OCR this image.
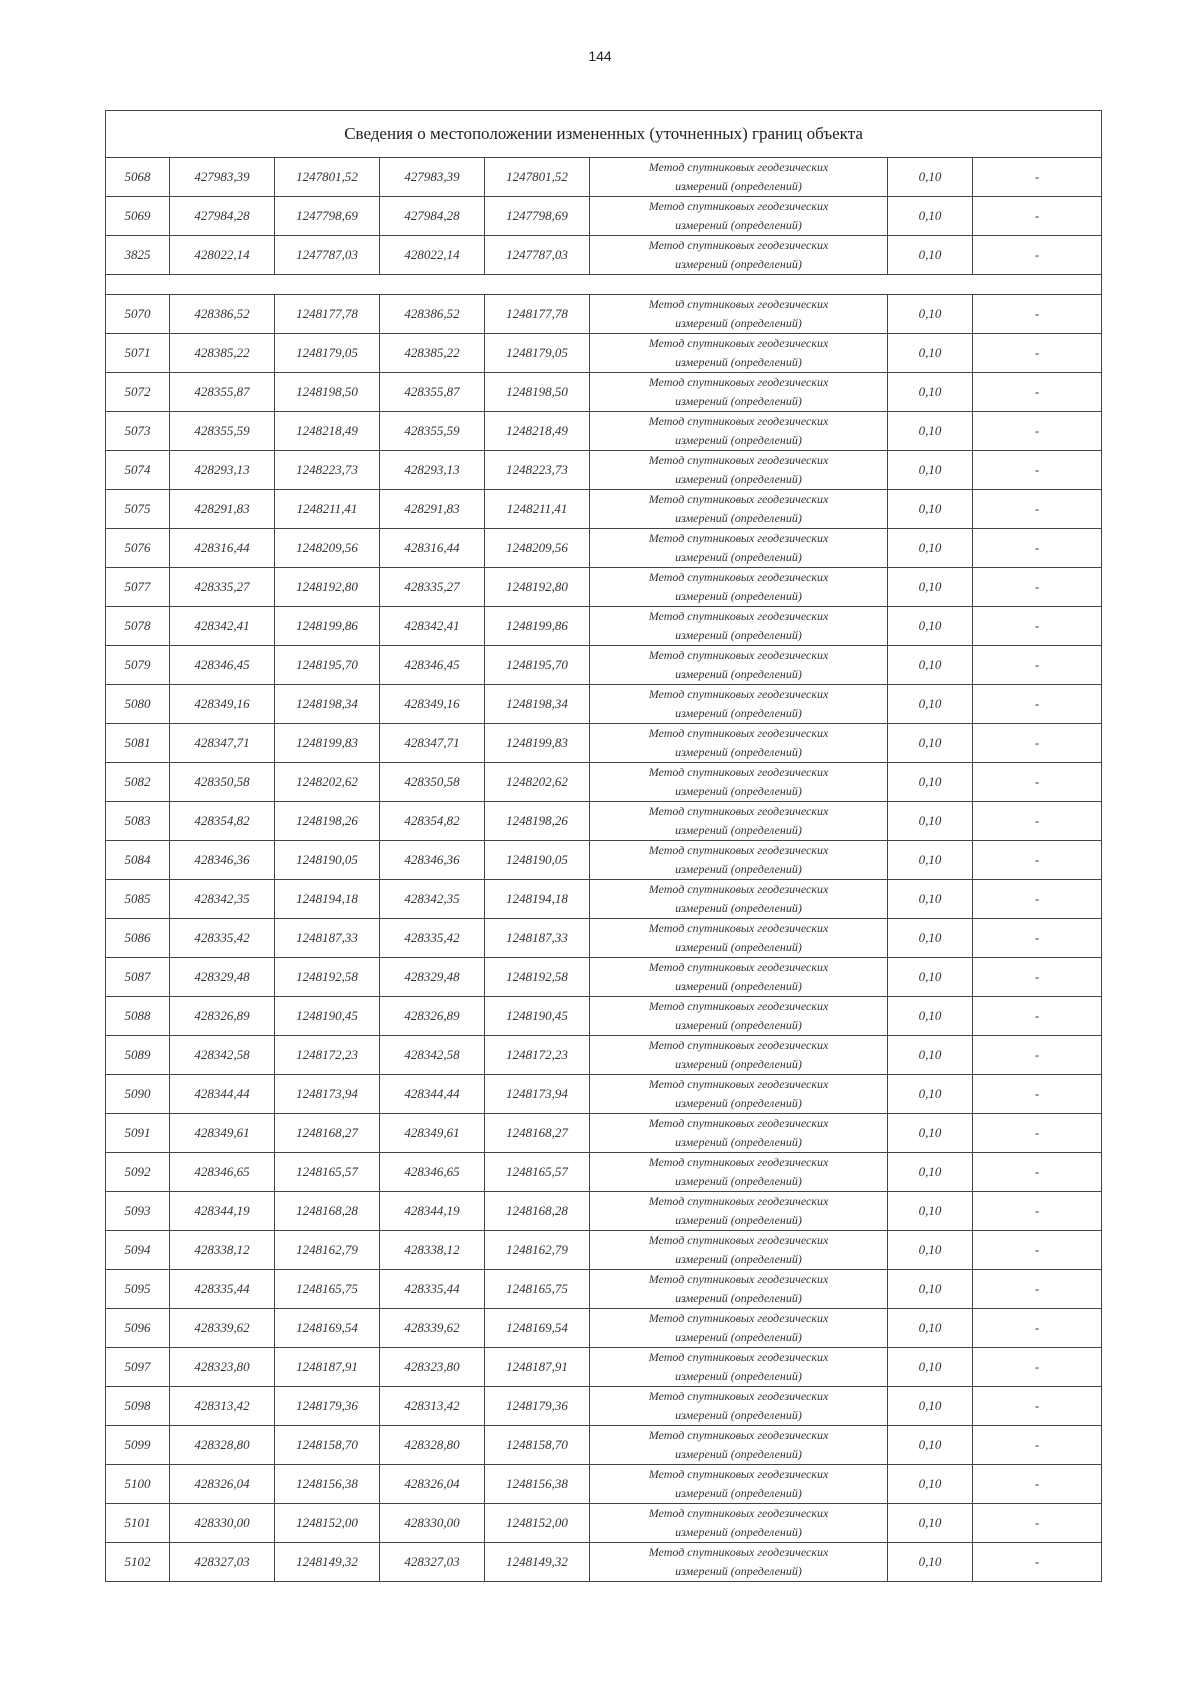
144
Сведения о местоположении измененных (уточненных) границ объекта							
5068	427983,39	1247801,52	427983,39	1247801,52	Метод спутниковых геодезических
измерений (определений)	0,10	-
5069	427984,28	1247798,69	427984,28	1247798,69	Метод спутниковых геодезических
измерений (определений)	0,10	-
3825	428022,14	1247787,03	428022,14	1247787,03	Метод спутниковых геодезических
измерений (определений)	0,10	-

5070	428386,52	1248177,78	428386,52	1248177,78	Метод спутниковых геодезических
измерений (определений)	0,10	-
5071	428385,22	1248179,05	428385,22	1248179,05	Метод спутниковых геодезических
измерений (определений)	0,10	-
5072	428355,87	1248198,50	428355,87	1248198,50	Метод спутниковых геодезических
измерений (определений)	0,10	-
5073	428355,59	1248218,49	428355,59	1248218,49	Метод спутниковых геодезических
измерений (определений)	0,10	-
5074	428293,13	1248223,73	428293,13	1248223,73	Метод спутниковых геодезических
измерений (определений)	0,10	-
5075	428291,83	1248211,41	428291,83	1248211,41	Метод спутниковых геодезических
измерений (определений)	0,10	-
5076	428316,44	1248209,56	428316,44	1248209,56	Метод спутниковых геодезических
измерений (определений)	0,10	-
5077	428335,27	1248192,80	428335,27	1248192,80	Метод спутниковых геодезических
измерений (определений)	0,10	-
5078	428342,41	1248199,86	428342,41	1248199,86	Метод спутниковых геодезических
измерений (определений)	0,10	-
5079	428346,45	1248195,70	428346,45	1248195,70	Метод спутниковых геодезических
измерений (определений)	0,10	-
5080	428349,16	1248198,34	428349,16	1248198,34	Метод спутниковых геодезических
измерений (определений)	0,10	-
5081	428347,71	1248199,83	428347,71	1248199,83	Метод спутниковых геодезических
измерений (определений)	0,10	-
5082	428350,58	1248202,62	428350,58	1248202,62	Метод спутниковых геодезических
измерений (определений)	0,10	-
5083	428354,82	1248198,26	428354,82	1248198,26	Метод спутниковых геодезических
измерений (определений)	0,10	-
5084	428346,36	1248190,05	428346,36	1248190,05	Метод спутниковых геодезических
измерений (определений)	0,10	-
5085	428342,35	1248194,18	428342,35	1248194,18	Метод спутниковых геодезических
измерений (определений)	0,10	-
5086	428335,42	1248187,33	428335,42	1248187,33	Метод спутниковых геодезических
измерений (определений)	0,10	-
5087	428329,48	1248192,58	428329,48	1248192,58	Метод спутниковых геодезических
измерений (определений)	0,10	-
5088	428326,89	1248190,45	428326,89	1248190,45	Метод спутниковых геодезических
измерений (определений)	0,10	-
5089	428342,58	1248172,23	428342,58	1248172,23	Метод спутниковых геодезических
измерений (определений)	0,10	-
5090	428344,44	1248173,94	428344,44	1248173,94	Метод спутниковых геодезических
измерений (определений)	0,10	-
5091	428349,61	1248168,27	428349,61	1248168,27	Метод спутниковых геодезических
измерений (определений)	0,10	-
5092	428346,65	1248165,57	428346,65	1248165,57	Метод спутниковых геодезических
измерений (определений)	0,10	-
5093	428344,19	1248168,28	428344,19	1248168,28	Метод спутниковых геодезических
измерений (определений)	0,10	-
5094	428338,12	1248162,79	428338,12	1248162,79	Метод спутниковых геодезических
измерений (определений)	0,10	-
5095	428335,44	1248165,75	428335,44	1248165,75	Метод спутниковых геодезических
измерений (определений)	0,10	-
5096	428339,62	1248169,54	428339,62	1248169,54	Метод спутниковых геодезических
измерений (определений)	0,10	-
5097	428323,80	1248187,91	428323,80	1248187,91	Метод спутниковых геодезических
измерений (определений)	0,10	-
5098	428313,42	1248179,36	428313,42	1248179,36	Метод спутниковых геодезических
измерений (определений)	0,10	-
5099	428328,80	1248158,70	428328,80	1248158,70	Метод спутниковых геодезических
измерений (определений)	0,10	-
5100	428326,04	1248156,38	428326,04	1248156,38	Метод спутниковых геодезических
измерений (определений)	0,10	-
5101	428330,00	1248152,00	428330,00	1248152,00	Метод спутниковых геодезических
измерений (определений)	0,10	-
5102	428327,03	1248149,32	428327,03	1248149,32	Метод спутниковых геодезических
измерений (определений)	0,10	-
